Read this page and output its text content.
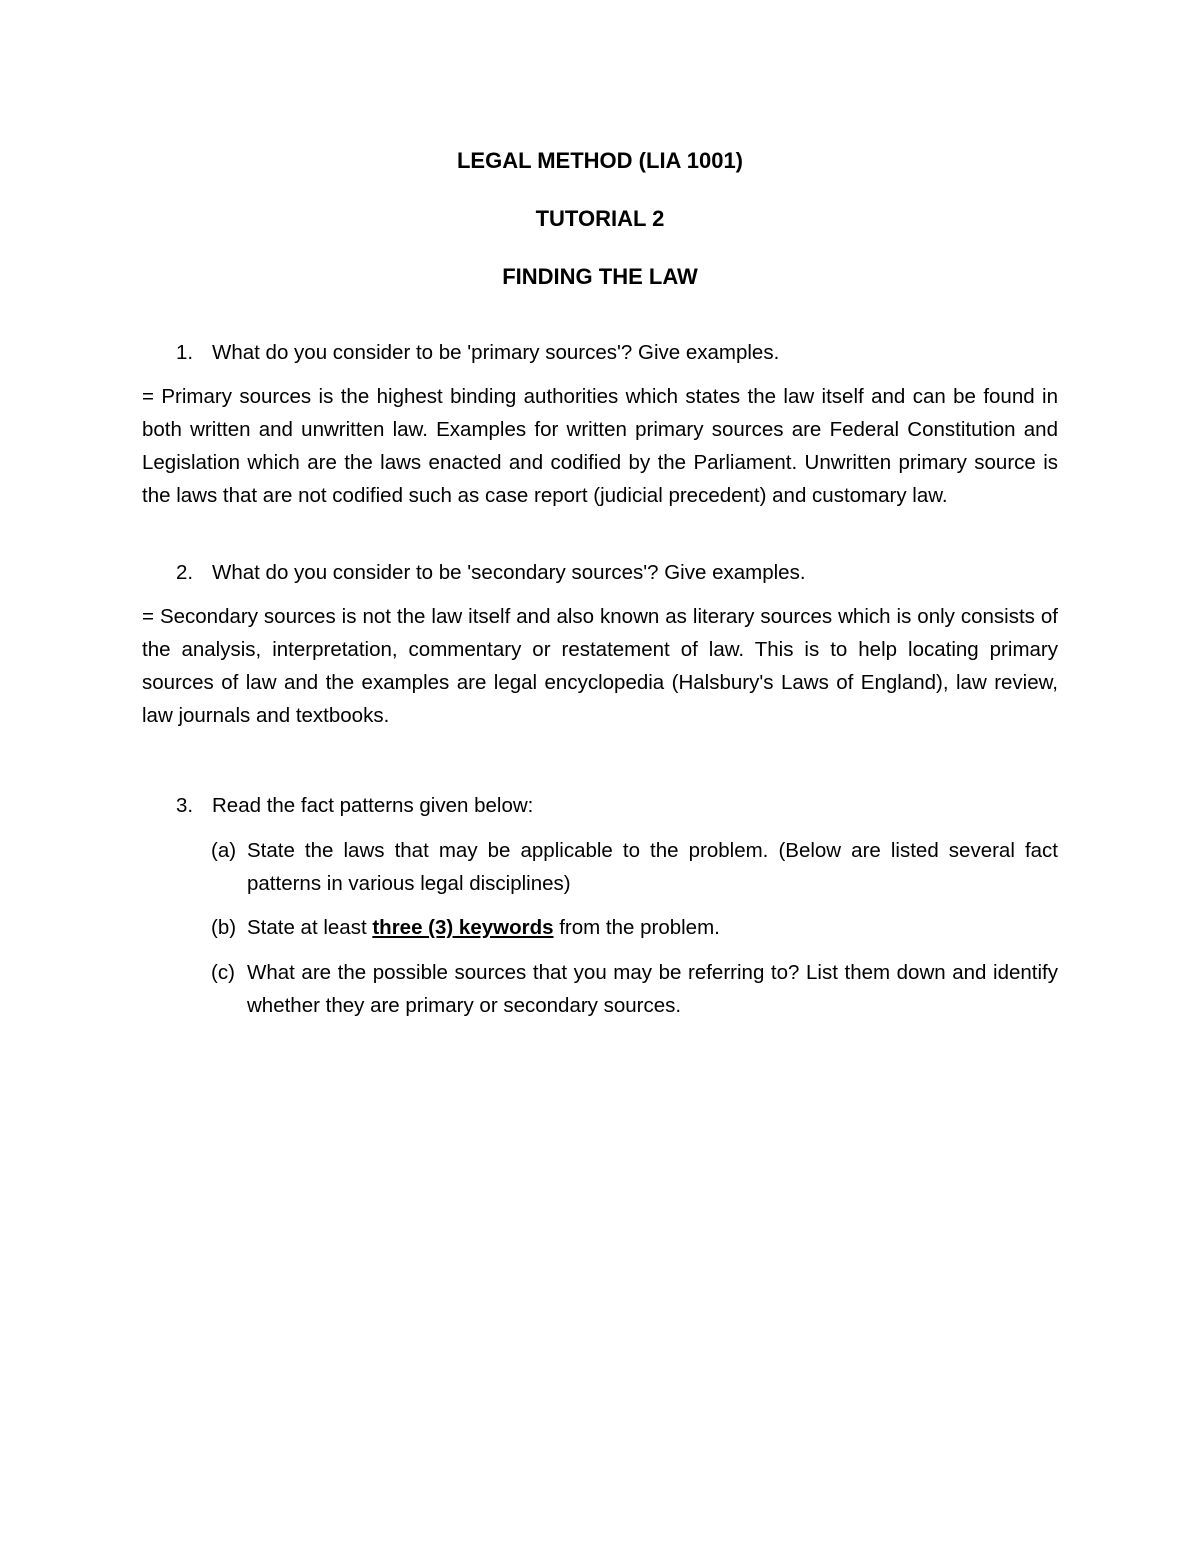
LEGAL METHOD (LIA 1001)
TUTORIAL 2
FINDING THE LAW
1. What do you consider to be 'primary sources'? Give examples.

= Primary sources is the highest binding authorities which states the law itself and can be found in both written and unwritten law. Examples for written primary sources are Federal Constitution and Legislation which are the laws enacted and codified by the Parliament. Unwritten primary source is the laws that are not codified such as case report (judicial precedent) and customary law.

2. What do you consider to be 'secondary sources'? Give examples.

= Secondary sources is not the law itself and also known as literary sources which is only consists of the analysis, interpretation, commentary or restatement of law. This is to help locating primary sources of law and the examples are legal encyclopedia (Halsbury's Laws of England), law review, law journals and textbooks.

3. Read the fact patterns given below:
(a) State the laws that may be applicable to the problem. (Below are listed several fact patterns in various legal disciplines)
(b) State at least three (3) keywords from the problem.
(c) What are the possible sources that you may be referring to? List them down and identify whether they are primary or secondary sources.
